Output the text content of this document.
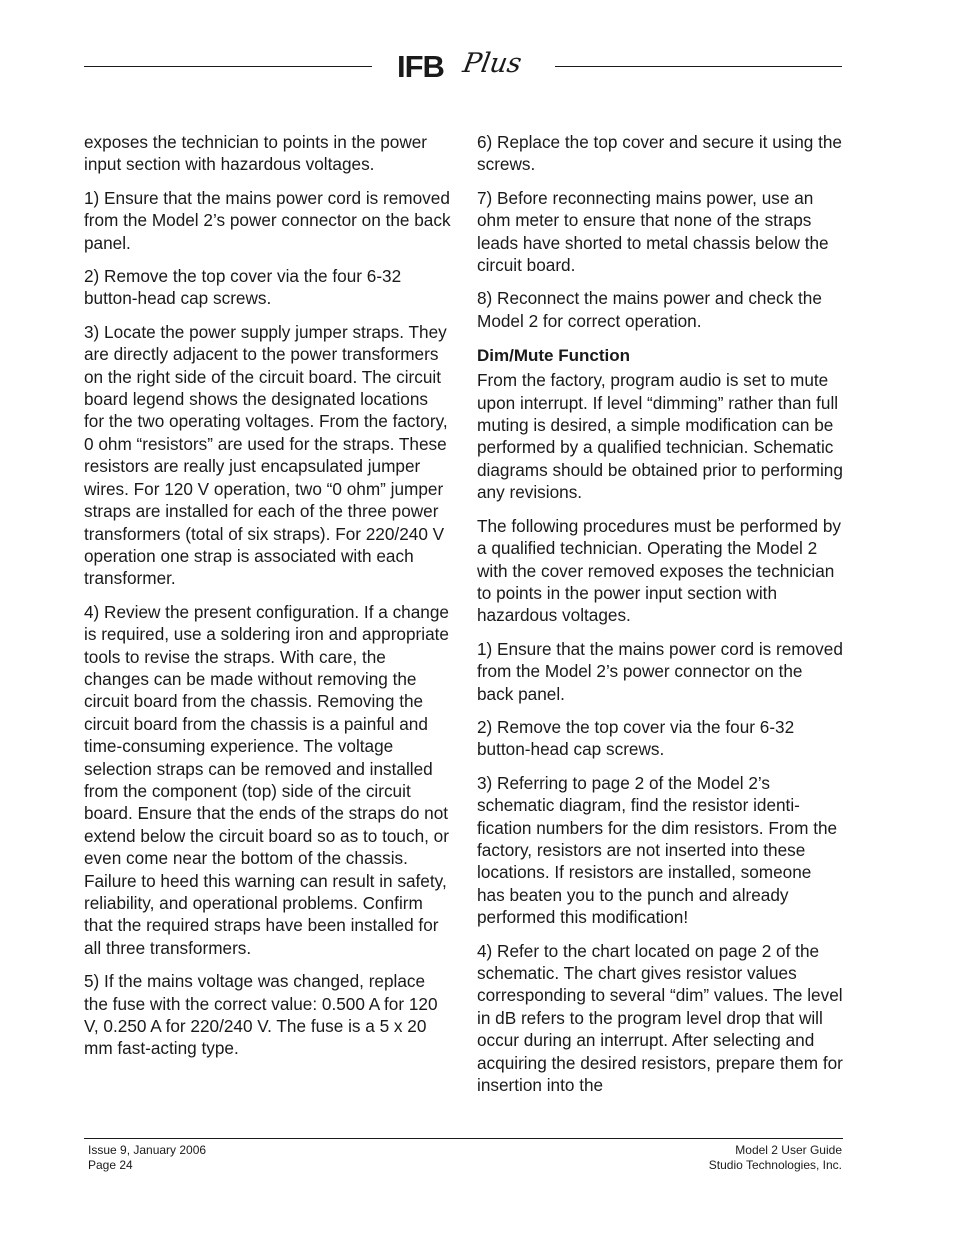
IFB Plus

exposes the technician to points in the power input section with hazardous voltages.

1) Ensure that the mains power cord is removed from the Model 2’s power connector on the back panel.

2) Remove the top cover via the four 6-32 button-head cap screws.

3) Locate the power supply jumper straps. They are directly adjacent to the power transformers on the right side of the circuit board. The circuit board legend shows the designated locations for the two operating voltages. From the factory, 0 ohm “resistors” are used for the straps. These resistors are really just encapsulated jumper wires. For 120 V operation, two “0 ohm” jumper straps are installed for each of the three power transformers (total of six straps). For 220/240 V operation one strap is associated with each transformer.

4) Review the present configuration. If a change is required, use a soldering iron and appropriate tools to revise the straps. With care, the changes can be made without removing the circuit board from the chassis. Removing the circuit board from the chassis is a painful and time-consuming experience. The voltage selection straps can be removed and installed from the component (top) side of the circuit board. Ensure that the ends of the straps do not extend below the circuit board so as to touch, or even come near the bottom of the chassis. Failure to heed this warning can result in safety, reliability, and operational problems. Confirm that the required straps have been installed for all three transformers.

5) If the mains voltage was changed, replace the fuse with the correct value: 0.500 A for 120 V, 0.250 A for 220/240 V. The fuse is a 5 x 20 mm fast-acting type.

6) Replace the top cover and secure it using the screws.

7) Before reconnecting mains power, use an ohm meter to ensure that none of the straps leads have shorted to metal chassis below the circuit board.

8) Reconnect the mains power and check the Model 2 for correct operation.

Dim/Mute Function

From the factory, program audio is set to mute upon interrupt. If level “dimming” rather than full muting is desired, a simple modification can be performed by a qualified technician. Schematic diagrams should be obtained prior to performing any revisions.

The following procedures must be performed by a qualified technician. Operating the Model 2 with the cover removed exposes the technician to points in the power input section with hazardous voltages.

1) Ensure that the mains power cord is removed from the Model 2’s power connector on the back panel.

2) Remove the top cover via the four 6-32 button-head cap screws.

3) Referring to page 2 of the Model 2’s schematic diagram, find the resistor identification numbers for the dim resistors. From the factory, resistors are not inserted into these locations. If resistors are installed, someone has beaten you to the punch and already performed this modification!

4) Refer to the chart located on page 2 of the schematic. The chart gives resistor values corresponding to several “dim” values. The level in dB refers to the program level drop that will occur during an interrupt. After selecting and acquiring the desired resistors, prepare them for insertion into the

Issue 9, January 2006
Page 24
Model 2 User Guide
Studio Technologies, Inc.
